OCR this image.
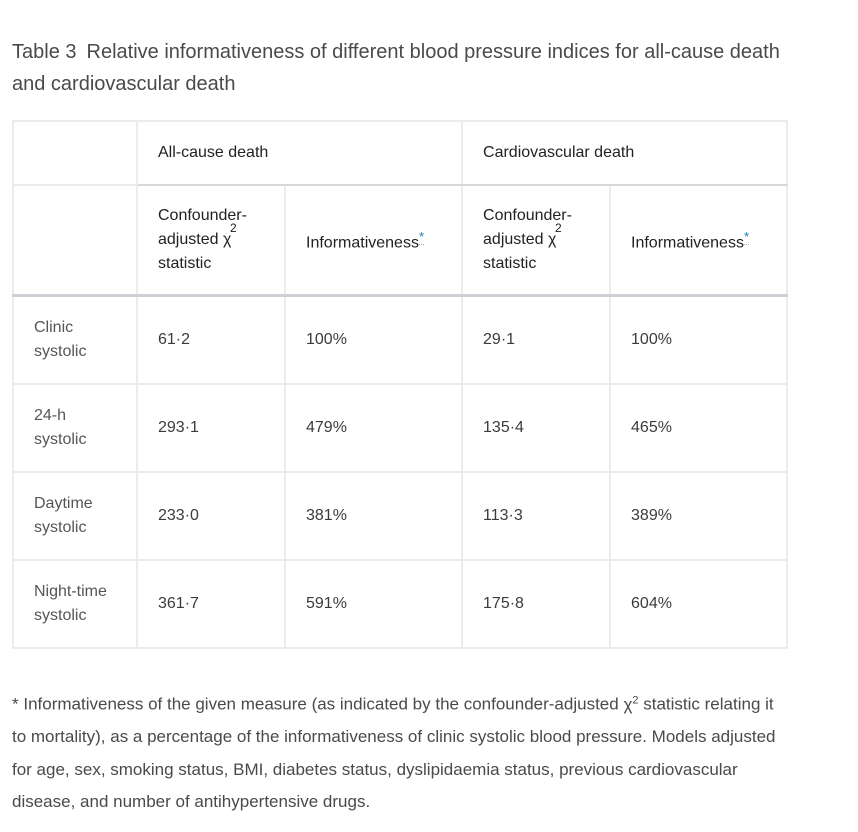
Table 3 Relative informativeness of different blood pressure indices for all-cause death and cardiovascular death
	All-cause death		Cardiovascular death	
	Confounder-
adjusted χ
2

statistic	Informativeness*	Confounder-
adjusted χ
2

statistic	Informativeness*
Clinic
systolic	61·2	100%	29·1	100%
24-h
systolic	293·1	479%	135·4	465%
Daytime
systolic	233·0	381%	113·3	389%
Night-time
systolic	361·7	591%	175·8	604%
* Informativeness of the given measure (as indicated by the confounder-adjusted $\chi^2$ statistic relating it to mortality), as a percentage of the informativeness of clinic systolic blood pressure. Models adjusted for age, sex, smoking status, BMI, diabetes status, dyslipidaemia status, previous cardiovascular disease, and number of antihypertensive drugs.
